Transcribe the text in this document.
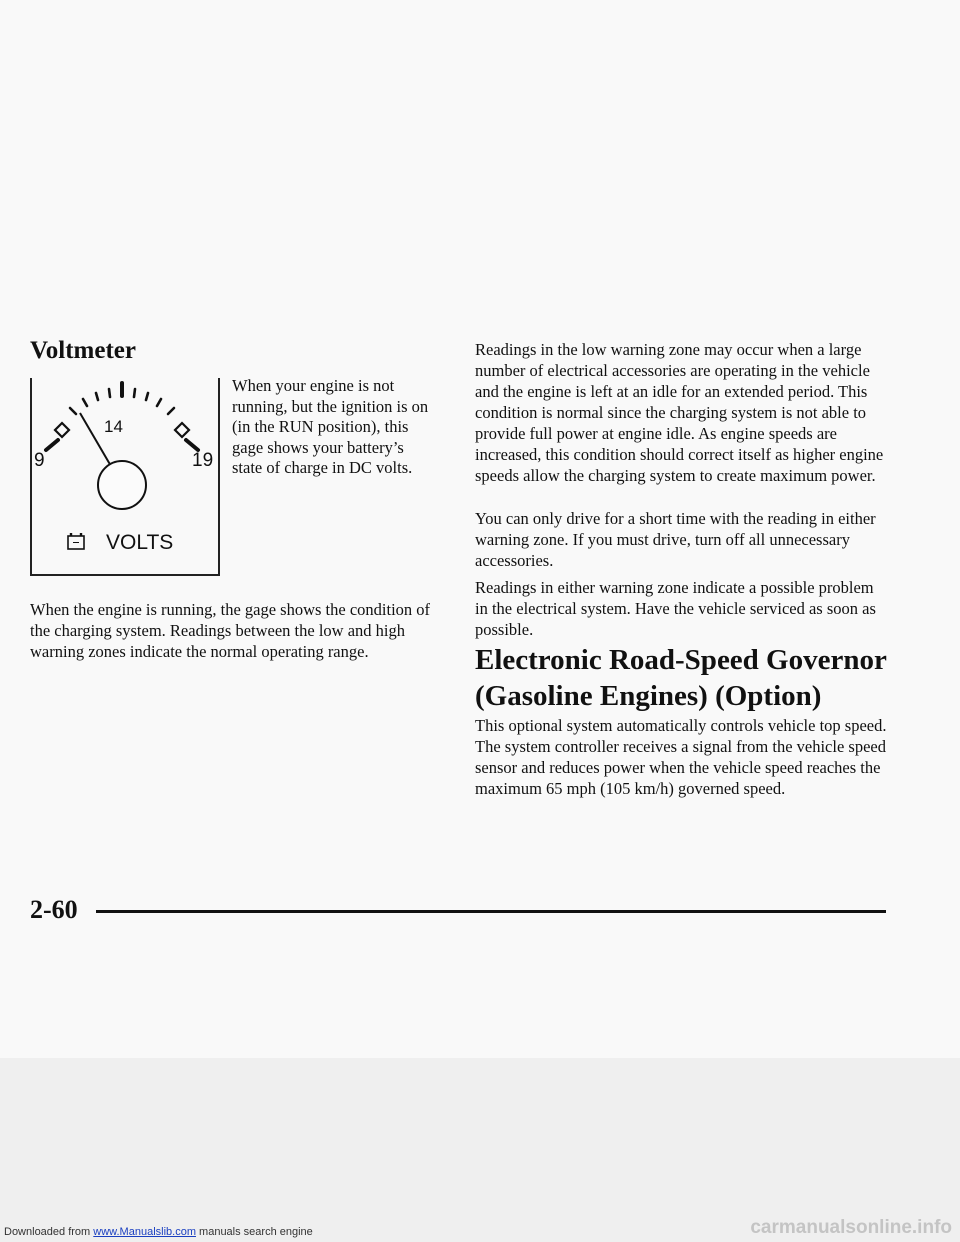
Voltmeter
14
9	19
VOLTS

When your engine is not running, but the ignition is on (in the RUN position), this gage shows your battery’s state of charge in DC volts.

When the engine is running, the gage shows the condition of the charging system. Readings between the low and high warning zones indicate the normal operating range.

Readings in the low warning zone may occur when a large number of electrical accessories are operating in the vehicle and the engine is left at an idle for an extended period. This condition is normal since the charging system is not able to provide full power at engine idle. As engine speeds are increased, this condition should correct itself as higher engine speeds allow the charging system to create maximum power.

You can only drive for a short time with the reading in either warning zone. If you must drive, turn off all unnecessary accessories.

Readings in either warning zone indicate a possible problem in the electrical system. Have the vehicle serviced as soon as possible.

Electronic Road-Speed Governor (Gasoline Engines) (Option)

This optional system automatically controls vehicle top speed. The system controller receives a signal from the vehicle speed sensor and reduces power when the vehicle speed reaches the maximum 65 mph (105 km/h) governed speed.

2-60
Downloaded from www.Manualslib.com manuals search engine	carmanualsonline.info
